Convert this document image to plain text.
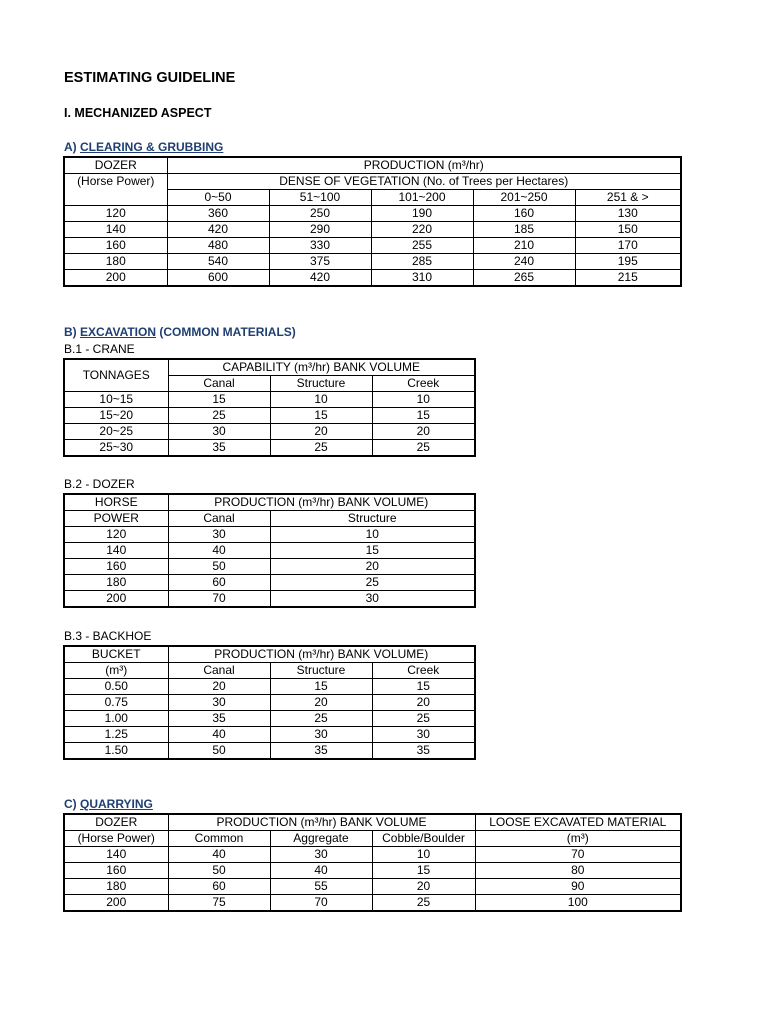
ESTIMATING GUIDELINE
I. MECHANIZED ASPECT
A) CLEARING & GRUBBING
DOZER	PRODUCTION (m³/hr)				
(Horse Power)	DENSE OF VEGETATION (No. of Trees per Hectares)				
	0~50	51~100	101~200	201~250	251 & >
120	360	250	190	160	130
140	420	290	220	185	150
160	480	330	255	210	170
180	540	375	285	240	195
200	600	420	310	265	215
B) EXCAVATION (COMMON MATERIALS)
B.1 - CRANE
TONNAGES	CAPABILITY (m³/hr) BANK VOLUME		
	Canal	Structure	Creek
10~15	15	10	10
15~20	25	15	15
20~25	30	20	20
25~30	35	25	25
B.2 - DOZER
HORSE	PRODUCTION (m³/hr) BANK VOLUME)	
POWER	Canal	Structure
120	30	10
140	40	15
160	50	20
180	60	25
200	70	30
B.3 - BACKHOE
BUCKET	PRODUCTION (m³/hr) BANK VOLUME)		
(m³)	Canal	Structure	Creek
0.50	20	15	15
0.75	30	20	20
1.00	35	25	25
1.25	40	30	30
1.50	50	35	35
C) QUARRYING
DOZER	PRODUCTION (m³/hr) BANK VOLUME			LOOSE EXCAVATED MATERIAL
(Horse Power)	Common	Aggregate	Cobble/Boulder	(m³)
140	40	30	10	70
160	50	40	15	80
180	60	55	20	90
200	75	70	25	100
